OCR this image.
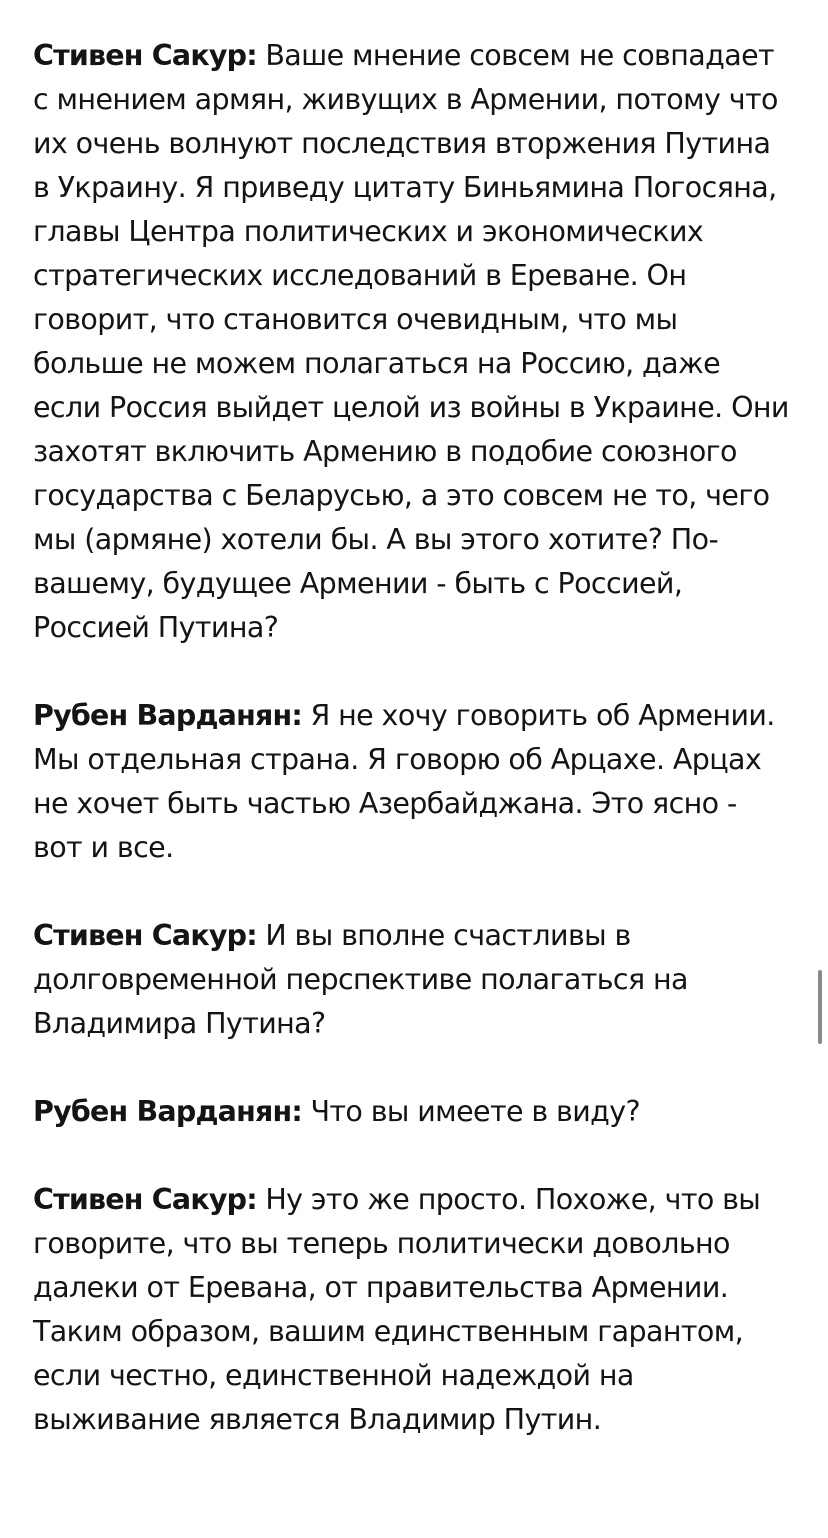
Стивен Сакур: Ваше мнение совсем не совпадает с мнением армян, живущих в Армении, потому что их очень волнуют последствия вторжения Путина в Украину. Я приведу цитату Биньямина Погосяна, главы Центра политических и экономических стратегических исследований в Ереване. Он говорит, что становится очевидным, что мы больше не можем полагаться на Россию, даже если Россия выйдет целой из войны в Украине. Они захотят включить Армению в подобие союзного государства с Беларусью, а это совсем не то, чего мы (армяне) хотели бы. А вы этого хотите? По-вашему, будущее Армении - быть с Россией, Россией Путина?

Рубен Варданян: Я не хочу говорить об Армении. Мы отдельная страна. Я говорю об Арцахе. Арцах не хочет быть частью Азербайджана. Это ясно - вот и все.

Стивен Сакур: И вы вполне счастливы в долговременной перспективе полагаться на Владимира Путина?

Рубен Варданян: Что вы имеете в виду?

Стивен Сакур: Ну это же просто. Похоже, что вы говорите, что вы теперь политически довольно далеки от Еревана, от правительства Армении. Таким образом, вашим единственным гарантом, если честно, единственной надеждой на выживание является Владимир Путин.
